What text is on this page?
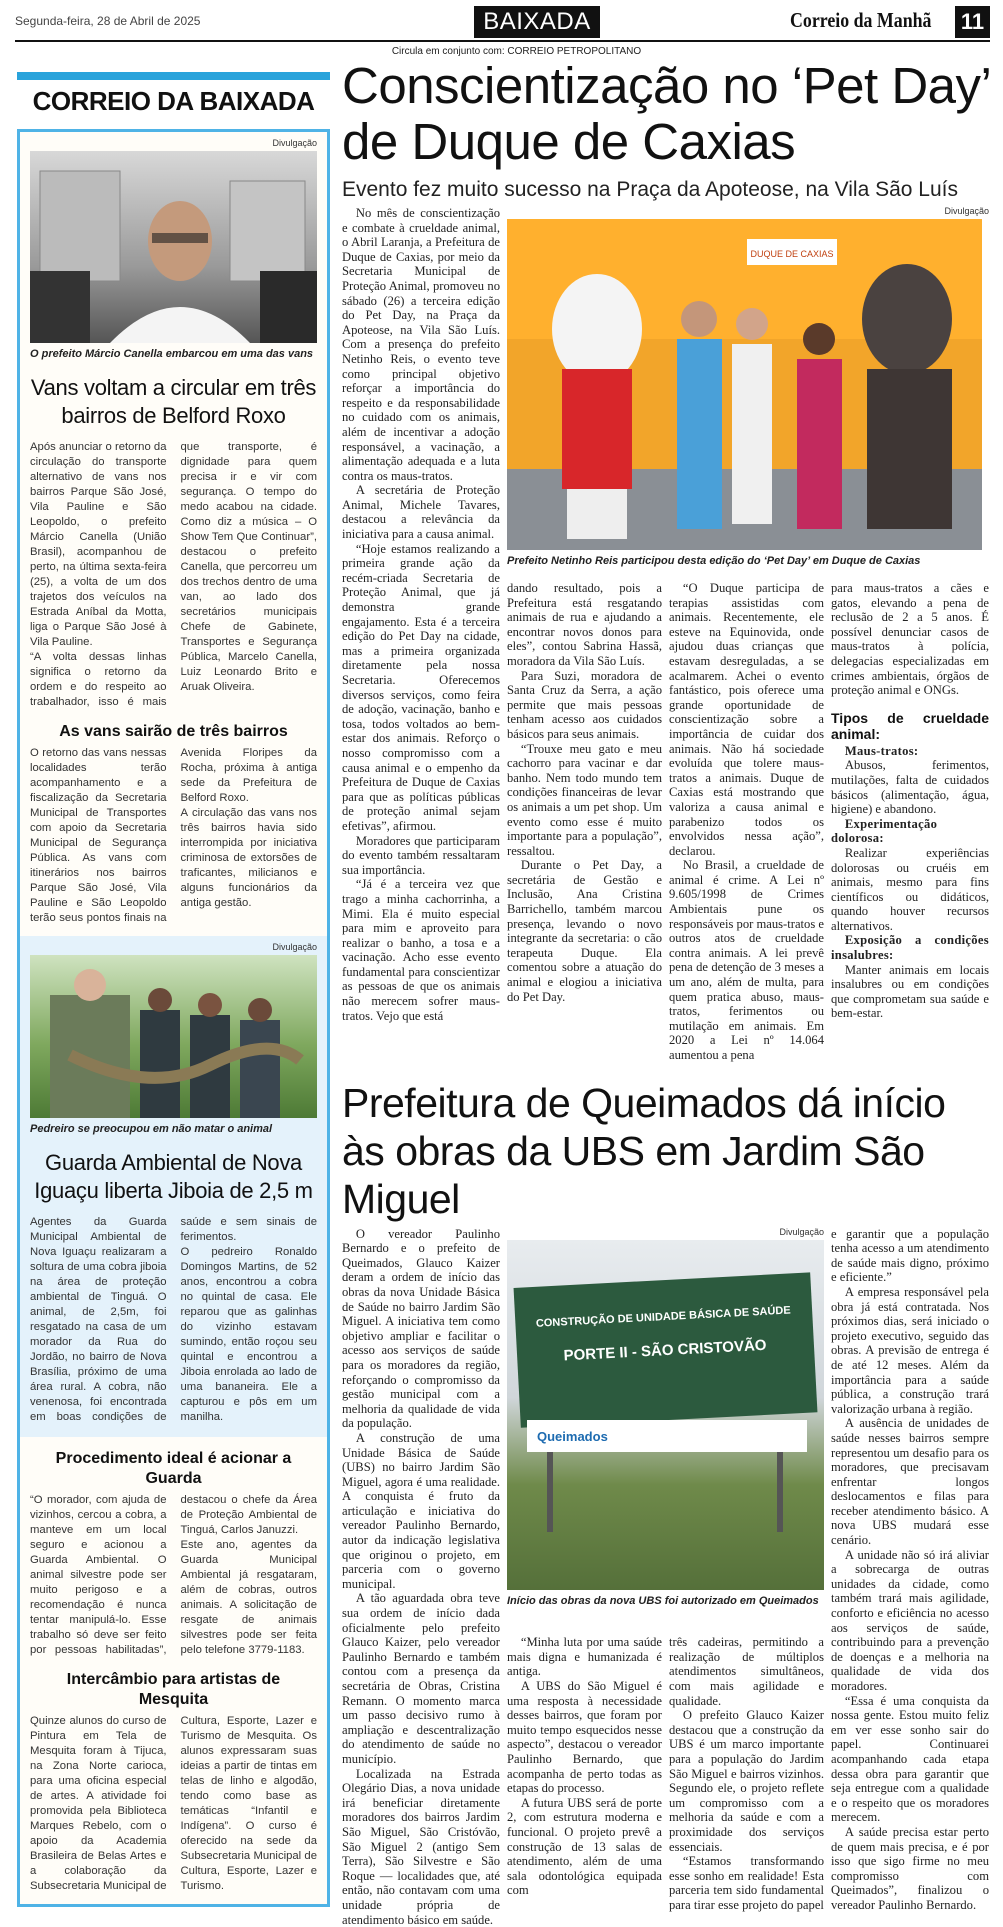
Segunda-feira, 28 de Abril de 2025	BAIXADA	Correio da Manhã 11
Circula em conjunto com: CORREIO PETROPOLITANO
CORREIO DA BAIXADA
Divulgação
O prefeito Márcio Canella embarcou em uma das vans
Vans voltam a circular em três bairros de Belford Roxo

Após anunciar o retorno da circulação do transporte alternativo de vans nos bairros Parque São José, Vila Pauline e São Leopoldo, o prefeito Márcio Canella (União Brasil), acompanhou de perto, na última sexta-feira (25), a volta de um dos trajetos dos veículos na Estrada Aníbal da Motta, liga o Parque São José à Vila Pauline.

“A volta dessas linhas significa o retorno da ordem e do respeito ao trabalhador, isso é mais que transporte, é dignidade para quem precisa ir e vir com segurança. O tempo do medo acabou na cidade. Como diz a música – O Show Tem Que Continuar”, destacou o prefeito Canella, que percorreu um dos trechos dentro de uma van, ao lado dos secretários municipais Chefe de Gabinete, Transportes e Segurança Pública, Marcelo Canella, Luiz Leonardo Brito e Aruak Oliveira.

As vans sairão de três bairros

O retorno das vans nessas localidades terão acompanhamento e a fiscalização da Secretaria Municipal de Transportes com apoio da Secretaria Municipal de Segurança Pública. As vans com itinerários nos bairros Parque São José, Vila Pauline e São Leopoldo terão seus pontos finais na Avenida Floripes da Rocha, próxima à antiga sede da Prefeitura de Belford Roxo.

A circulação das vans nos três bairros havia sido interrompida por iniciativa criminosa de extorsões de traficantes, milicianos e alguns funcionários da antiga gestão.

Divulgação
Pedreiro se preocupou em não matar o animal
Guarda Ambiental de Nova Iguaçu liberta Jiboia de 2,5 m

Agentes da Guarda Municipal Ambiental de Nova Iguaçu realizaram a soltura de uma cobra jiboia na área de proteção ambiental de Tinguá. O animal, de 2,5m, foi resgatado na casa de um morador da Rua do Jordão, no bairro de Nova Brasília, próximo de uma área rural. A cobra, não venenosa, foi encontrada em boas condições de saúde e sem sinais de ferimentos.

O pedreiro Ronaldo Domingos Martins, de 52 anos, encontrou a cobra no quintal de casa. Ele reparou que as galinhas do vizinho estavam sumindo, então roçou seu quintal e encontrou a Jiboia enrolada ao lado de uma bananeira. Ele a capturou e pôs em um manilha.

Procedimento ideal é acionar a Guarda

“O morador, com ajuda de vizinhos, cercou a cobra, a manteve em um local seguro e acionou a Guarda Ambiental. O animal silvestre pode ser muito perigoso e a recomendação é nunca tentar manipulá-lo. Esse trabalho só deve ser feito por pessoas habilitadas”, destacou o chefe da Área de Proteção Ambiental de Tinguá, Carlos Januzzi.

Este ano, agentes da Guarda Municipal Ambiental já resgataram, além de cobras, outros animais. A solicitação de resgate de animais silvestres pode ser feita pelo telefone 3779-1183.

Intercâmbio para artistas de Mesquita

Quinze alunos do curso de Pintura em Tela de Mesquita foram à Tijuca, na Zona Norte carioca, para uma oficina especial de artes. A atividade foi promovida pela Biblioteca Marques Rebelo, com o apoio da Academia Brasileira de Belas Artes e a colaboração da Subsecretaria Municipal de Cultura, Esporte, Lazer e Turismo de Mesquita. Os alunos expressaram suas ideias a partir de tintas em telas de linho e algodão, tendo como base as temáticas “Infantil e Indígena”. O curso é oferecido na sede da Subsecretaria Municipal de Cultura, Esporte, Lazer e Turismo.

Conscientização no ‘Pet Day’ de Duque de Caxias
Evento fez muito sucesso na Praça da Apoteose, na Vila São Luís

No mês de conscientização e combate à crueldade animal, o Abril Laranja, a Prefeitura de Duque de Caxias, por meio da Secretaria Municipal de Proteção Animal, promoveu no sábado (26) a terceira edição do Pet Day, na Praça da Apoteose, na Vila São Luís. Com a presença do prefeito Netinho Reis, o evento teve como principal objetivo reforçar a importância do respeito e da responsabilidade no cuidado com os animais, além de incentivar a adoção responsável, a vacinação, a alimentação adequada e a luta contra os maus-tratos.

A secretária de Proteção Animal, Michele Tavares, destacou a relevância da iniciativa para a causa animal.

“Hoje estamos realizando a primeira grande ação da recém-criada Secretaria de Proteção Animal, que já demonstra grande engajamento. Esta é a terceira edição do Pet Day na cidade, mas a primeira organizada diretamente pela nossa Secretaria. Oferecemos diversos serviços, como feira de adoção, vacinação, banho e tosa, todos voltados ao bem-estar dos animais. Reforço o nosso compromisso com a causa animal e o empenho da Prefeitura de Duque de Caxias para que as políticas públicas de proteção animal sejam efetivas”, afirmou.

Moradores que participaram do evento também ressaltaram sua importância.

“Já é a terceira vez que trago a minha cachorrinha, a Mimi. Ela é muito especial para mim e aproveito para realizar o banho, a tosa e a vacinação. Acho esse evento fundamental para conscientizar as pessoas de que os animais não merecem sofrer maus-tratos. Vejo que está

Divulgação
DUQUE DE CAXIAS
Prefeito Netinho Reis participou desta edição do ‘Pet Day’ em Duque de Caxias

dando resultado, pois a Prefeitura está resgatando animais de rua e ajudando a encontrar novos donos para eles”, contou Sabrina Hassã, moradora da Vila São Luís.

Para Suzi, moradora de Santa Cruz da Serra, a ação permite que mais pessoas tenham acesso aos cuidados básicos para seus animais.

“Trouxe meu gato e meu cachorro para vacinar e dar banho. Nem todo mundo tem condições financeiras de levar os animais a um pet shop. Um evento como esse é muito importante para a população”, ressaltou.

Durante o Pet Day, a secretária de Gestão e Inclusão, Ana Cristina Barrichello, também marcou presença, levando o novo integrante da secretaria: o cão terapeuta Duque. Ela comentou sobre a atuação do animal e elogiou a iniciativa do Pet Day.

“O Duque participa de terapias assistidas com animais. Recentemente, ele esteve na Equinovida, onde ajudou duas crianças que estavam desreguladas, a se acalmarem. Achei o evento fantástico, pois oferece uma grande oportunidade de conscientização sobre a importância de cuidar dos animais. Não há sociedade evoluída que tolere maus-tratos a animais. Duque de Caxias está mostrando que valoriza a causa animal e parabenizo todos os envolvidos nessa ação”, declarou.

No Brasil, a crueldade de animal é crime. A Lei nº 9.605/1998 de Crimes Ambientais pune os responsáveis por maus-tratos e outros atos de crueldade contra animais. A lei prevê pena de detenção de 3 meses a um ano, além de multa, para quem pratica abuso, maus-tratos, ferimentos ou mutilação em animais. Em 2020 a Lei nº 14.064 aumentou a pena

para maus-tratos a cães e gatos, elevando a pena de reclusão de 2 a 5 anos. É possível denunciar casos de maus-tratos à polícia, delegacias especializadas em crimes ambientais, órgãos de proteção animal e ONGs.

Tipos de crueldade animal:

Maus-tratos:

Abusos, ferimentos, mutilações, falta de cuidados básicos (alimentação, água, higiene) e abandono.

Experimentação dolorosa:

Realizar experiências dolorosas ou cruéis em animais, mesmo para fins científicos ou didáticos, quando houver recursos alternativos.

Exposição a condições insalubres:

Manter animais em locais insalubres ou em condições que comprometam sua saúde e bem-estar.

Prefeitura de Queimados dá início às obras da UBS em Jardim São Miguel

O vereador Paulinho Bernardo e o prefeito de Queimados, Glauco Kaizer deram a ordem de início das obras da nova Unidade Básica de Saúde no bairro Jardim São Miguel. A iniciativa tem como objetivo ampliar e facilitar o acesso aos serviços de saúde para os moradores da região, reforçando o compromisso da gestão municipal com a melhoria da qualidade de vida da população.

A construção de uma Unidade Básica de Saúde (UBS) no bairro Jardim São Miguel, agora é uma realidade. A conquista é fruto da articulação e iniciativa do vereador Paulinho Bernardo, autor da indicação legislativa que originou o projeto, em parceria com o governo municipal.

A tão aguardada obra teve sua ordem de início dada oficialmente pelo prefeito Glauco Kaizer, pelo vereador Paulinho Bernardo e também contou com a presença da secretária de Obras, Cristina Remann. O momento marca um passo decisivo rumo à ampliação e descentralização do atendimento de saúde no município.

Localizada na Estrada Olegário Dias, a nova unidade irá beneficiar diretamente moradores dos bairros Jardim São Miguel, São Cristóvão, São Miguel 2 (antigo Sem Terra), São Silvestre e São Roque — localidades que, até então, não contavam com uma unidade própria de atendimento básico em saúde.

Divulgação
CONSTRUÇÃO DE UNIDADE BÁSICA DE SAÚDE
PORTE II - SÃO CRISTOVÃO
Queimados
Início das obras da nova UBS foi autorizado em Queimados

“Minha luta por uma saúde mais digna e humanizada é antiga.

A UBS do São Miguel é uma resposta à necessidade desses bairros, que foram por muito tempo esquecidos nesse aspecto”, destacou o vereador Paulinho Bernardo, que acompanha de perto todas as etapas do processo.

A futura UBS será de porte 2, com estrutura moderna e funcional. O projeto prevê a construção de 13 salas de atendimento, além de uma sala odontológica equipada com

três cadeiras, permitindo a realização de múltiplos atendimentos simultâneos, com mais agilidade e qualidade.

O prefeito Glauco Kaizer destacou que a construção da UBS é um marco importante para a população do Jardim São Miguel e bairros vizinhos. Segundo ele, o projeto reflete um compromisso com a melhoria da saúde e com a proximidade dos serviços essenciais.

“Estamos transformando esse sonho em realidade! Esta parceria tem sido fundamental para tirar esse projeto do papel

e garantir que a população tenha acesso a um atendimento de saúde mais digno, próximo e eficiente.”

A empresa responsável pela obra já está contratada. Nos próximos dias, será iniciado o projeto executivo, seguido das obras. A previsão de entrega é de até 12 meses. Além da importância para a saúde pública, a construção trará valorização urbana à região.

A ausência de unidades de saúde nesses bairros sempre representou um desafio para os moradores, que precisavam enfrentar longos deslocamentos e filas para receber atendimento básico. A nova UBS mudará esse cenário.

A unidade não só irá aliviar a sobrecarga de outras unidades da cidade, como também trará mais agilidade, conforto e eficiência no acesso aos serviços de saúde, contribuindo para a prevenção de doenças e a melhoria na qualidade de vida dos moradores.

“Essa é uma conquista da nossa gente. Estou muito feliz em ver esse sonho sair do papel. Continuarei acompanhando cada etapa dessa obra para garantir que seja entregue com a qualidade e o respeito que os moradores merecem.

A saúde precisa estar perto de quem mais precisa, e é por isso que sigo firme no meu compromisso com Queimados”, finalizou o vereador Paulinho Bernardo.
